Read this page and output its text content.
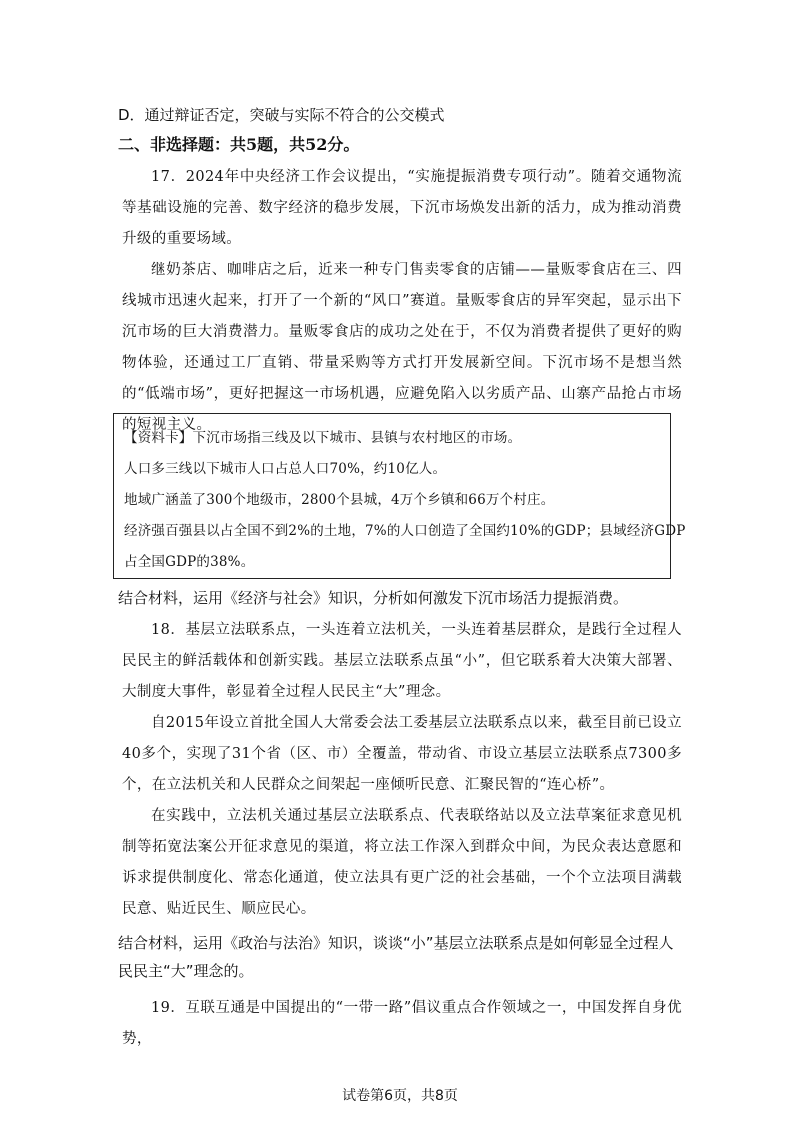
D．通过辩证否定，突破与实际不符合的公交模式
二、非选择题：共5题，共52分。

17．2024年中央经济工作会议提出，“实施提振消费专项行动”。随着交通物流等基础设施的完善、数字经济的稳步发展，下沉市场焕发出新的活力，成为推动消费升级的重要场域。

继奶茶店、咖啡店之后，近来一种专门售卖零食的店铺——量贩零食店在三、四线城市迅速火起来，打开了一个新的“风口”赛道。量贩零食店的异军突起，显示出下沉市场的巨大消费潜力。量贩零食店的成功之处在于，不仅为消费者提供了更好的购物体验，还通过工厂直销、带量采购等方式打开发展新空间。下沉市场不是想当然的“低端市场”，更好把握这一市场机遇，应避免陷入以劣质产品、山寨产品抢占市场的短视主义。

【资料卡】下沉市场指三线及以下城市、县镇与农村地区的市场。
人口多三线以下城市人口占总人口70%，约10亿人。
地域广涵盖了300个地级市，2800个县城，4万个乡镇和66万个村庄。
经济强百强县以占全国不到2%的土地，7%的人口创造了全国约10%的GDP；县域经济GDP
占全国GDP的38%。
结合材料，运用《经济与社会》知识，分析如何激发下沉市场活力提振消费。

18．基层立法联系点，一头连着立法机关，一头连着基层群众，是践行全过程人民民主的鲜活载体和创新实践。基层立法联系点虽“小”，但它联系着大决策大部署、大制度大事件，彰显着全过程人民民主“大”理念。

自2015年设立首批全国人大常委会法工委基层立法联系点以来，截至目前已设立40多个，实现了31个省（区、市）全覆盖，带动省、市设立基层立法联系点7300多个，在立法机关和人民群众之间架起一座倾听民意、汇聚民智的“连心桥”。

在实践中，立法机关通过基层立法联系点、代表联络站以及立法草案征求意见机制等拓宽法案公开征求意见的渠道，将立法工作深入到群众中间，为民众表达意愿和诉求提供制度化、常态化通道，使立法具有更广泛的社会基础，一个个立法项目满载民意、贴近民生、顺应民心。

结合材料，运用《政治与法治》知识，谈谈“小”基层立法联系点是如何彰显全过程人民民主“大”理念的。

19．互联互通是中国提出的“一带一路”倡议重点合作领域之一，中国发挥自身优势，

试卷第6页，共8页
